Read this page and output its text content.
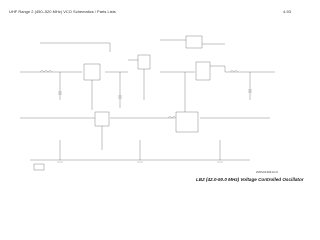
UHF Range 2 (450–520 MHz) VCO Schematics / Parts Lists	4-93
ZWG0130413-O
LB2 (42.0-50.0 MHz) Voltage Controlled Oscillator
